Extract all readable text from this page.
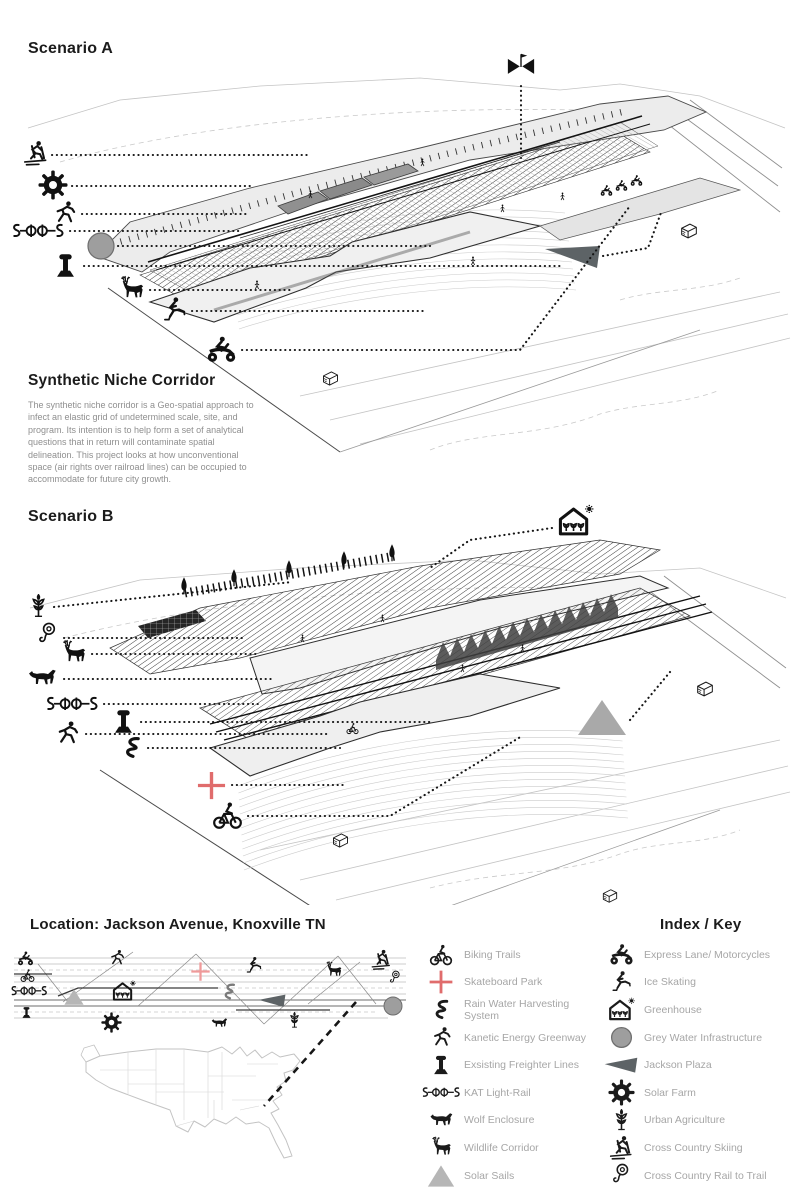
Scenario A
Synthetic Niche Corridor
The synthetic niche corridor is a Geo-spatial approach to infect an elastic grid of undetermined scale, site, and program. Its intention is to help form a set of analytical questions that in return will contaminate spatial delineation. This project looks at how unconventional space (air rights over railroad lines) can be occupied to accommodate for future city growth.
Scenario B
Location: Jackson Avenue, Knoxville TN	Index / Key
Biking Trails
Skateboard Park
Rain Water Harvesting System
Kanetic Energy Greenway
Exsisting Freighter Lines
KAT Light-Rail
Wolf Enclosure
Wildlife Corridor
Solar Sails
Express Lane/ Motorcycles
Ice Skating
Greenhouse
Grey Water Infrastructure
Jackson Plaza
Solar Farm
Urban Agriculture
Cross Country Skiing
Cross Country Rail to Trail
